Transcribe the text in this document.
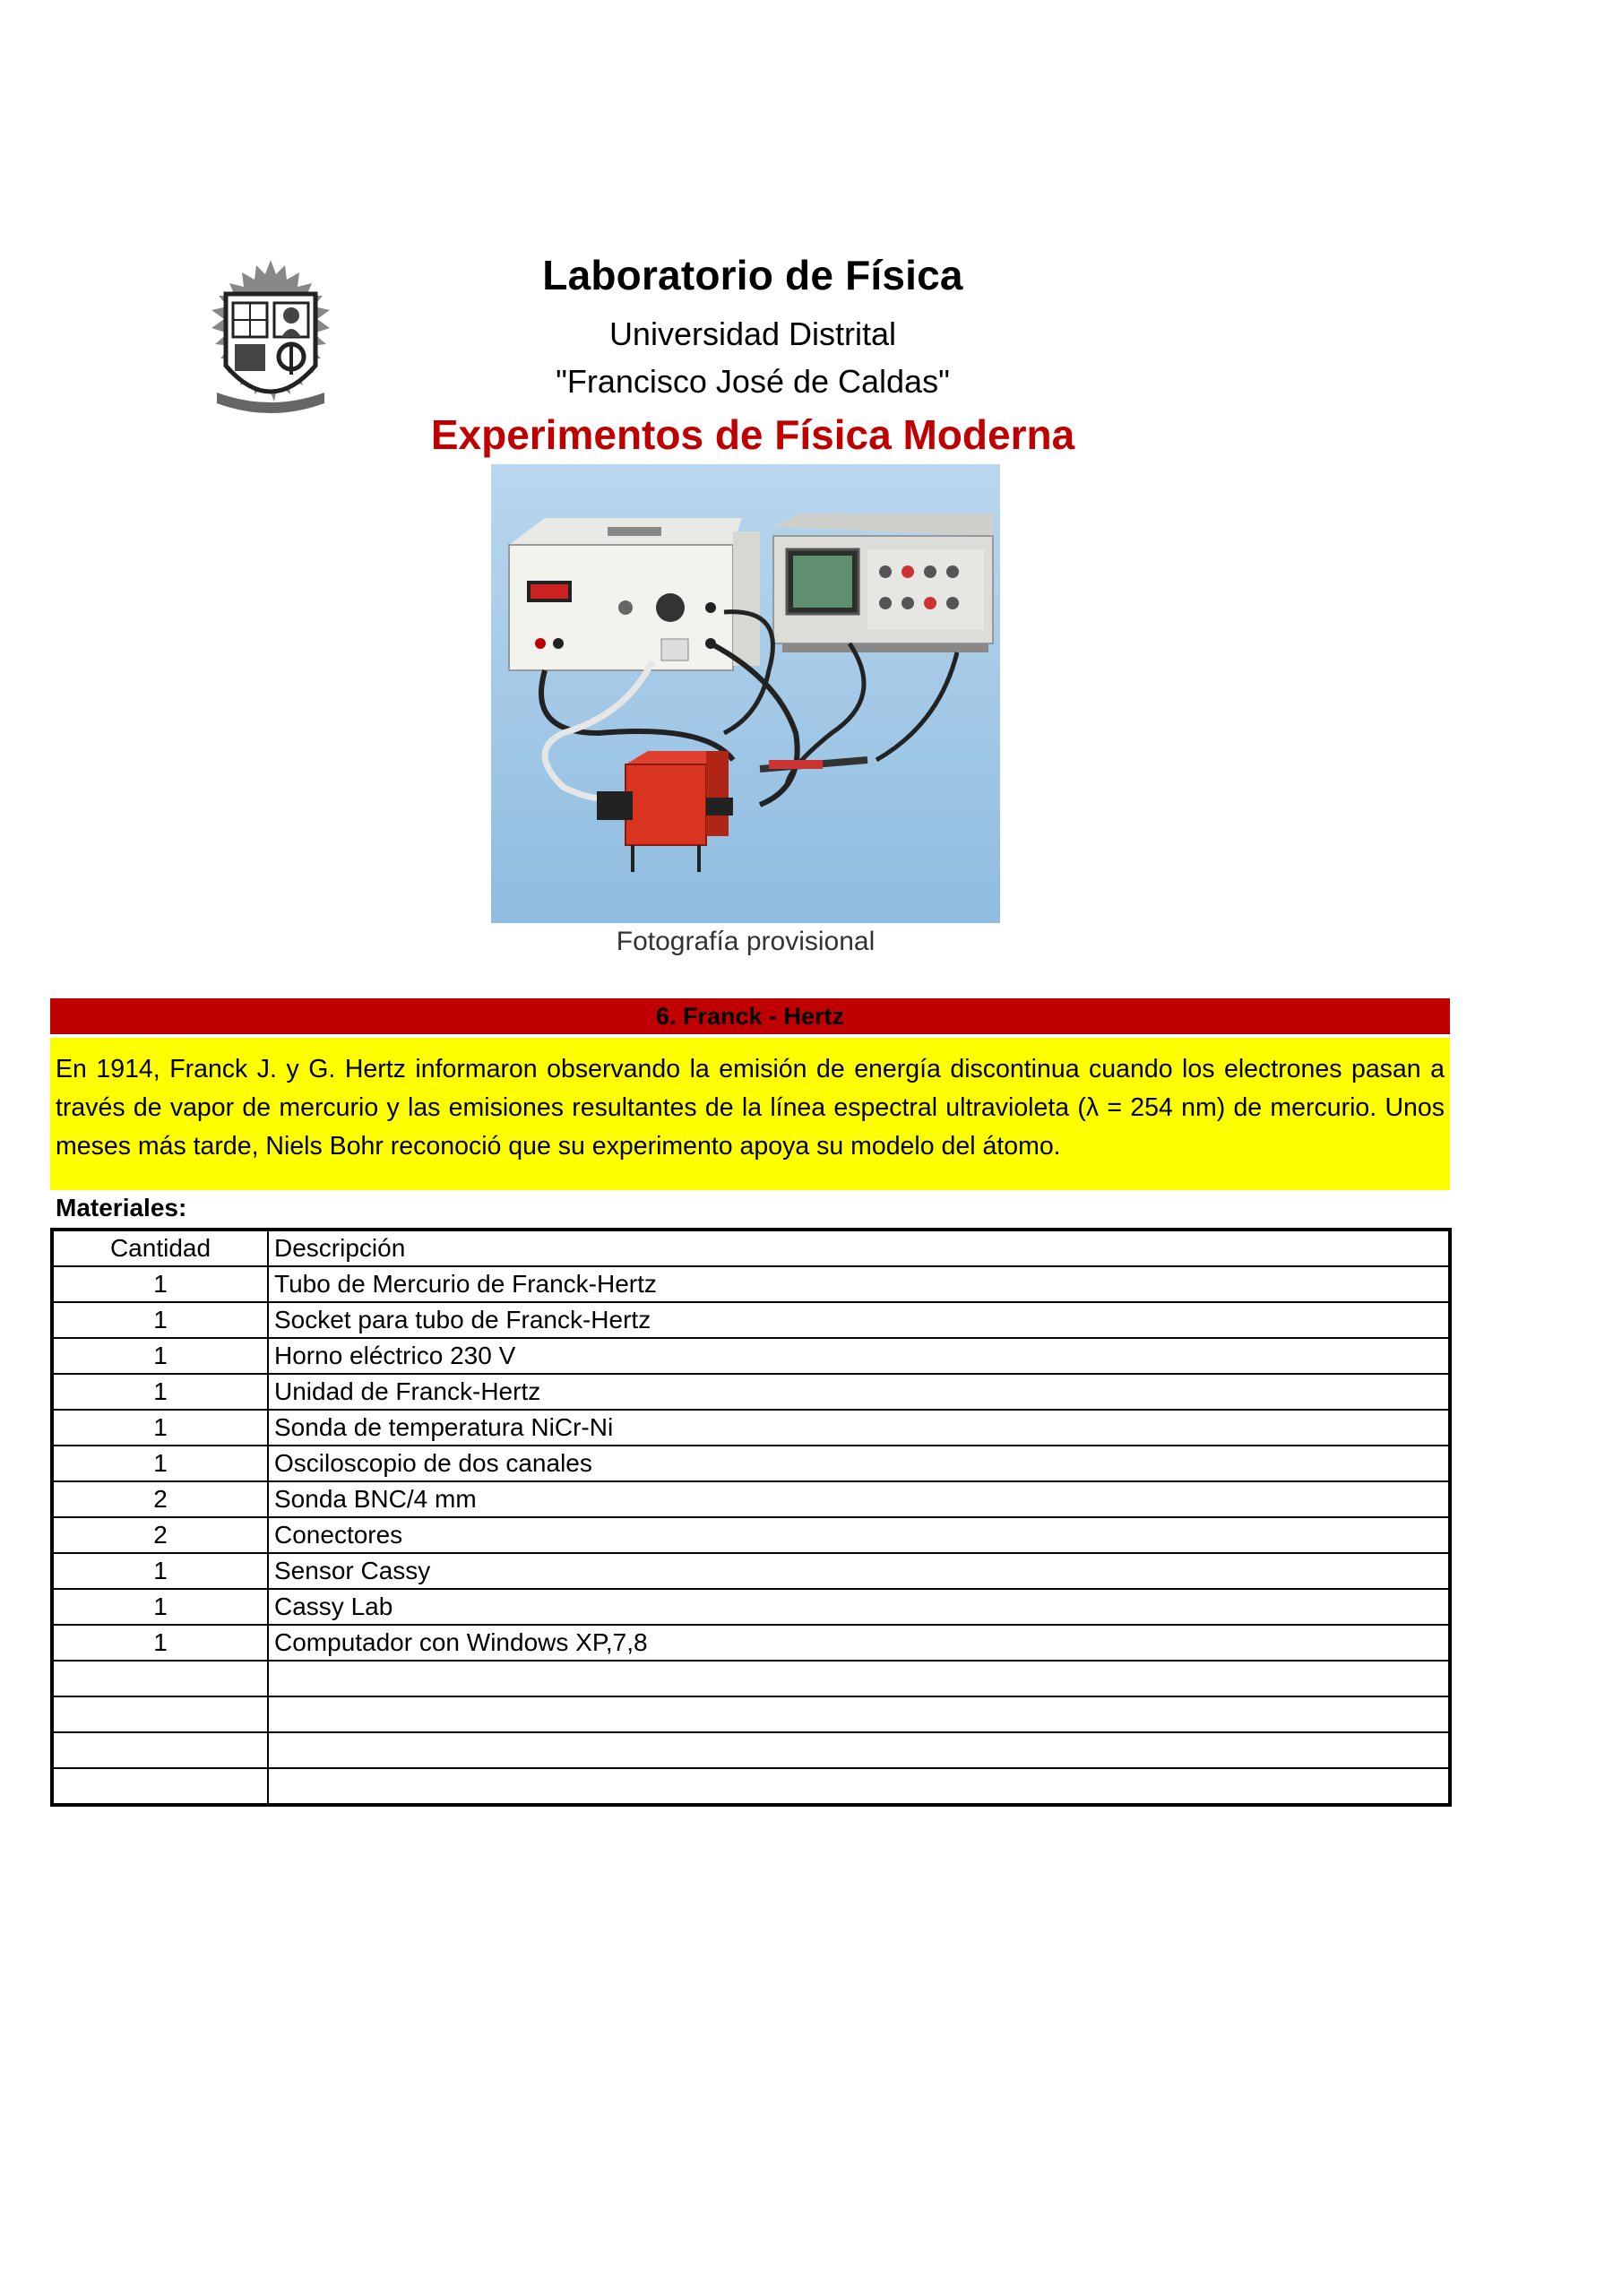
Laboratorio de Física
Universidad Distrital
"Francisco José de Caldas"
Experimentos de Física Moderna
Fotografía provisional
6. Franck - Hertz
En 1914, Franck J. y G. Hertz informaron observando la emisión de energía discontinua cuando los electrones pasan a través de vapor de mercurio y las emisiones resultantes de la línea espectral ultravioleta (λ = 254 nm) de mercurio. Unos meses más tarde, Niels Bohr reconoció que su experimento apoya su modelo del átomo.
Materiales:
Cantidad	Descripción
1	Tubo de Mercurio de Franck-Hertz
1	Socket para tubo de Franck-Hertz
1	Horno eléctrico 230 V
1	Unidad de Franck-Hertz
1	Sonda de temperatura NiCr-Ni
1	Osciloscopio de dos canales
2	Sonda BNC/4 mm
2	Conectores
1	Sensor Cassy
1	Cassy Lab
1	Computador con Windows XP,7,8
